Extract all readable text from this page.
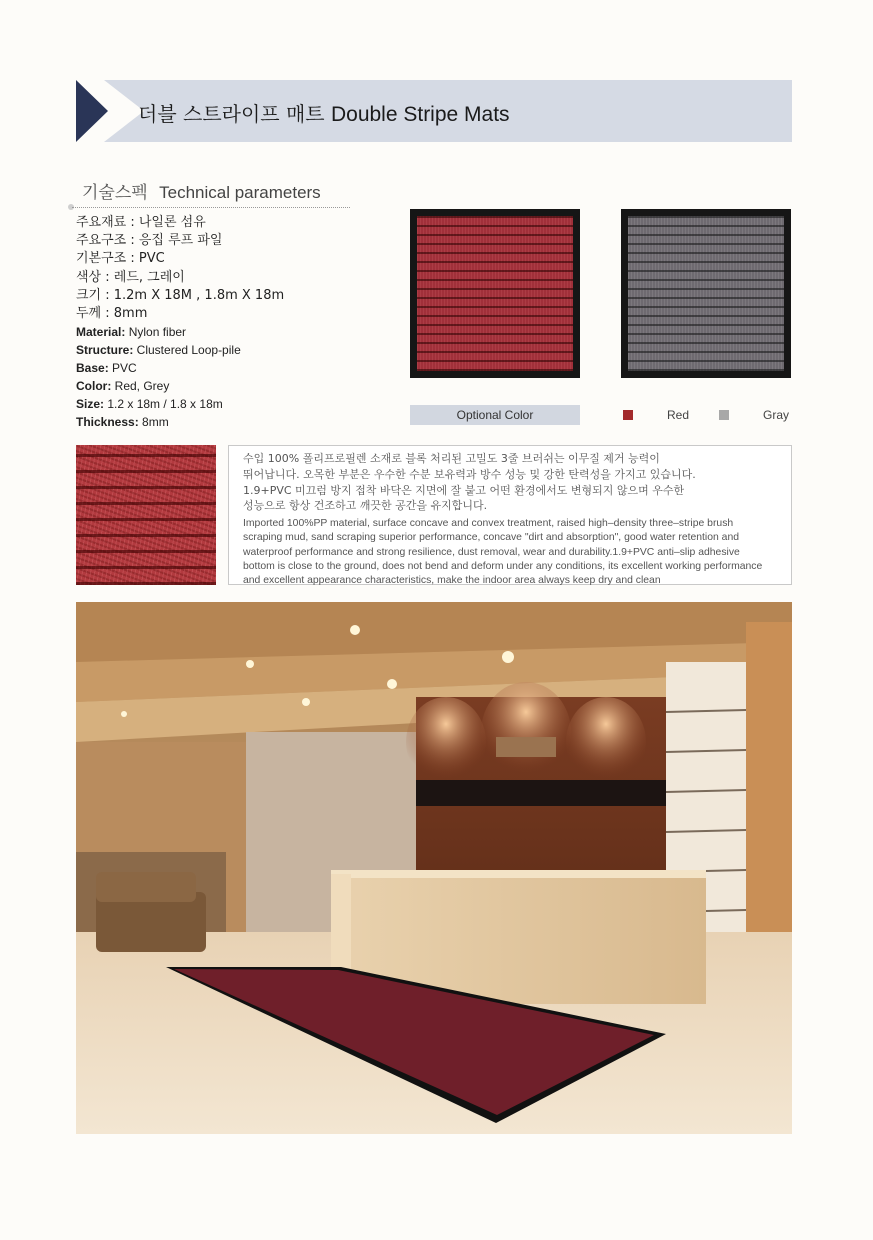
더블 스트라이프 매트 Double Stripe Mats
기술스펙 Technical parameters
주요재료 : 나일론 섬유
주요구조 : 응집 루프 파일
기본구조 : PVC
색상 : 레드, 그레이
크기 : 1.2m X 18M , 1.8m X 18m
두께 : 8mm
Material: Nylon fiber
Structure: Clustered Loop-pile
Base: PVC
Color: Red, Grey
Size: 1.2 x 18m / 1.8 x 18m
Thickness: 8mm
Optional Color	Red	Gray
수입 100% 폴리프로필렌 소재로 블록 처리된 고밀도 3줄 브러쉬는 이무질 제거 능력이
뛰어납니다. 오목한 부분은 우수한 수분 보유력과 방수 성능 및 강한 탄력성을 가지고 있습니다.
1.9+PVC 미끄럼 방지 접착 바닥은 지면에 잘 붙고 어떤 환경에서도 변형되지 않으며 우수한
성능으로 항상 건조하고 깨끗한 공간을 유지합니다.
Imported 100%PP material, surface concave and convex treatment, raised high–density three–stripe brush
scraping mud, sand scraping superior performance, concave "dirt and absorption", good water retention and
waterproof performance and strong resilience, dust removal, wear and durability.1.9+PVC anti–slip adhesive
bottom is close to the ground, does not bend and deform under any conditions, its excellent working performance
and excellent appearance characteristics, make the indoor area always keep dry and clean
